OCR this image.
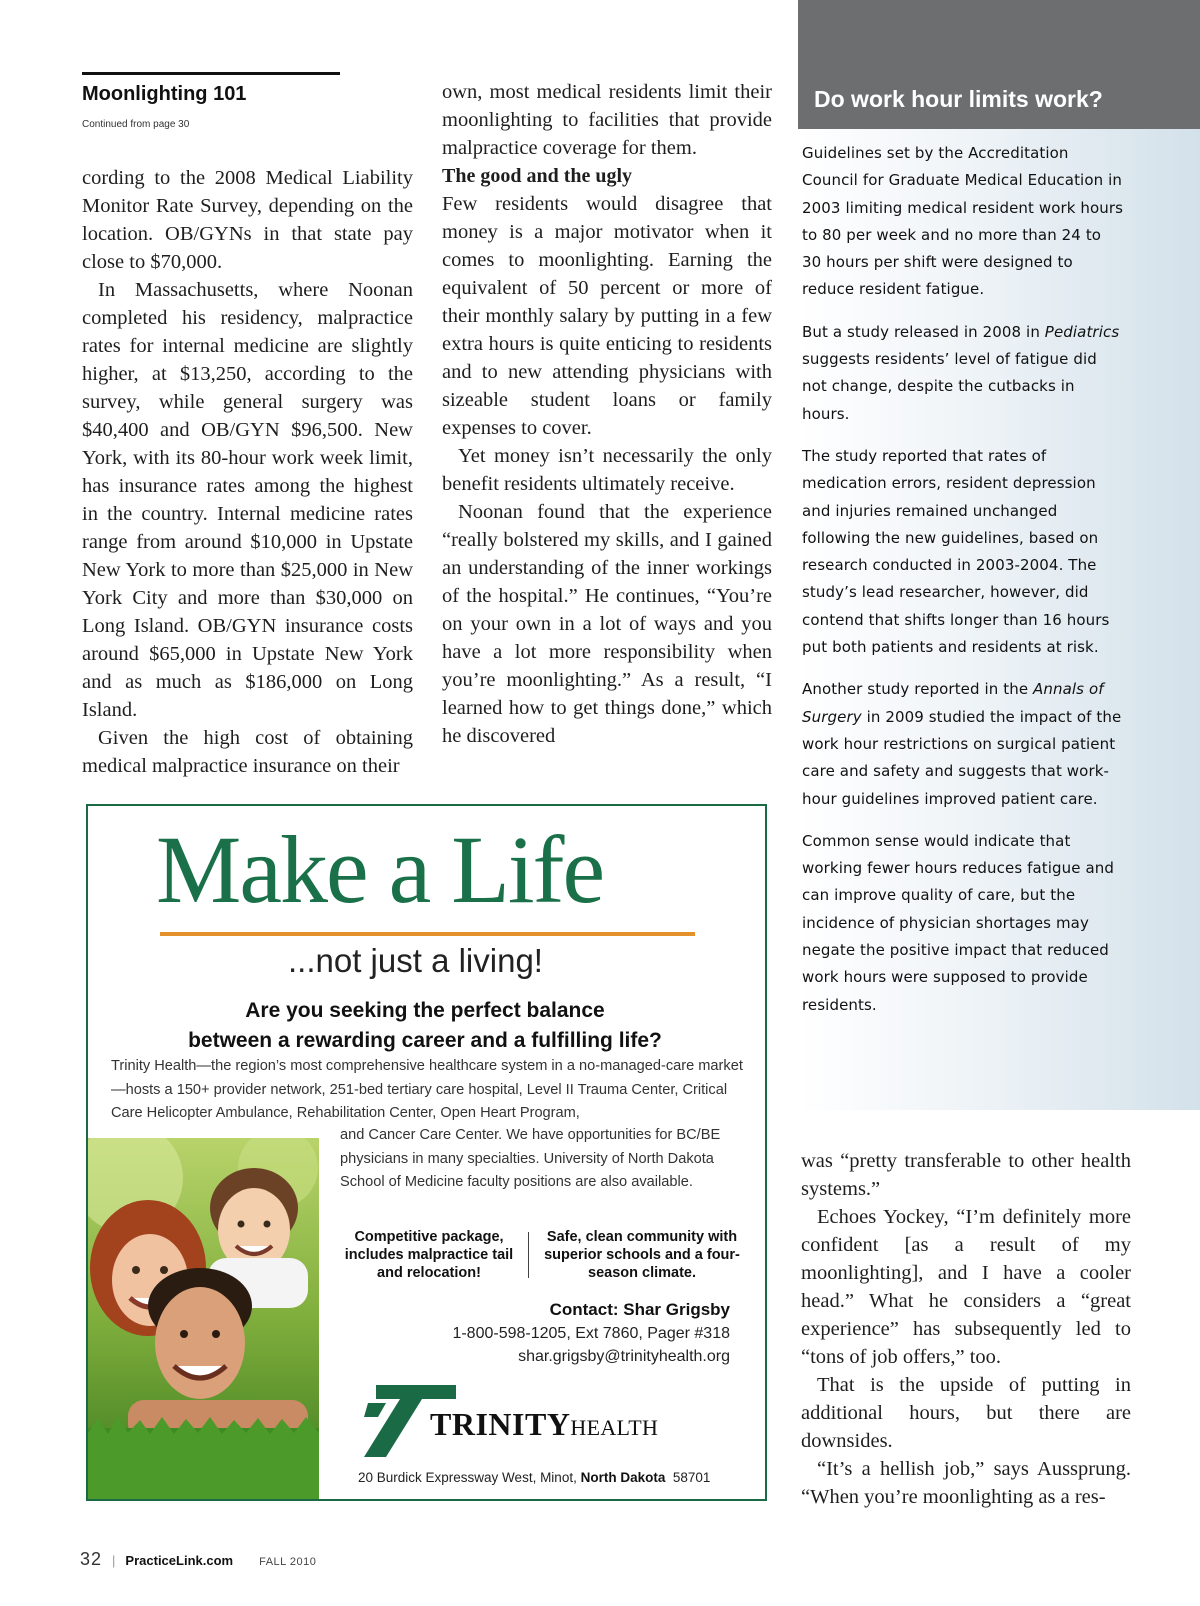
Moonlighting 101
Continued from page 30

cording to the 2008 Medical Liability Monitor Rate Survey, depending on the location. OB/GYNs in that state pay close to $70,000.

In Massachusetts, where Noonan completed his residency, malpractice rates for internal medicine are slightly higher, at $13,250, according to the survey, while general surgery was $40,400 and OB/GYN $96,500. New York, with its 80-hour work week limit, has insurance rates among the highest in the country. Internal medicine rates range from around $10,000 in Upstate New York to more than $25,000 in New York City and more than $30,000 on Long Island. OB/GYN insurance costs around $65,000 in Upstate New York and as much as $186,000 on Long Island.

Given the high cost of obtaining medical malpractice insurance on their

own, most medical residents limit their moonlighting to facilities that provide malpractice coverage for them.

The good and the ugly

Few residents would disagree that money is a major motivator when it comes to moonlighting. Earning the equivalent of 50 percent or more of their monthly salary by putting in a few extra hours is quite enticing to residents and to new attending physicians with sizeable student loans or family expenses to cover.

Yet money isn’t necessarily the only benefit residents ultimately receive.

Noonan found that the experience “really bolstered my skills, and I gained an understanding of the inner workings of the hospital.” He continues, “You’re on your own in a lot of ways and you have a lot more responsibility when you’re moonlighting.” As a result, “I learned how to get things done,” which he discovered

Do work hour limits work?

Guidelines set by the Accreditation Council for Graduate Medical Education in 2003 limiting medical resident work hours to 80 per week and no more than 24 to 30 hours per shift were designed to reduce resident fatigue.

But a study released in 2008 in Pediatrics suggests residents’ level of fatigue did not change, despite the cutbacks in hours.

The study reported that rates of medication errors, resident depression and injuries remained unchanged following the new guidelines, based on research conducted in 2003-2004. The study’s lead researcher, however, did contend that shifts longer than 16 hours put both patients and residents at risk.

Another study reported in the Annals of Surgery in 2009 studied the impact of the work hour restrictions on surgical patient care and safety and suggests that work-hour guidelines improved patient care.

Common sense would indicate that working fewer hours reduces fatigue and can improve quality of care, but the incidence of physician shortages may negate the positive impact that reduced work hours were supposed to provide residents.

was “pretty transferable to other health systems.”

Echoes Yockey, “I’m definitely more confident [as a result of my moonlighting], and I have a cooler head.” What he considers a “great experience” has subsequently led to “tons of job offers,” too.

That is the upside of putting in additional hours, but there are downsides.

“It’s a hellish job,” says Aussprung. “When you’re moonlighting as a res-

Make a Life
...not just a living!
Are you seeking the perfect balance
between a rewarding career and a fulfilling life?
Trinity Health—the region’s most comprehensive healthcare system in a no-managed-care market—hosts a 150+ provider network, 251-bed tertiary care hospital, Level II Trauma Center, Critical Care Helicopter Ambulance, Rehabilitation Center, Open Heart Program,
and Cancer Care Center. We have opportunities for BC/BE physicians in many specialties. University of North Dakota School of Medicine faculty positions are also available.
Competitive package, includes malpractice tail and relocation!
Safe, clean community with superior schools and a four-season climate.
Contact: Shar Grigsby
1-800-598-1205, Ext 7860, Pager #318
shar.grigsby@trinityhealth.org
TRINITYHEALTH
20 Burdick Expressway West, Minot, North Dakota 58701
32 | PracticeLink.com FALL 2010
